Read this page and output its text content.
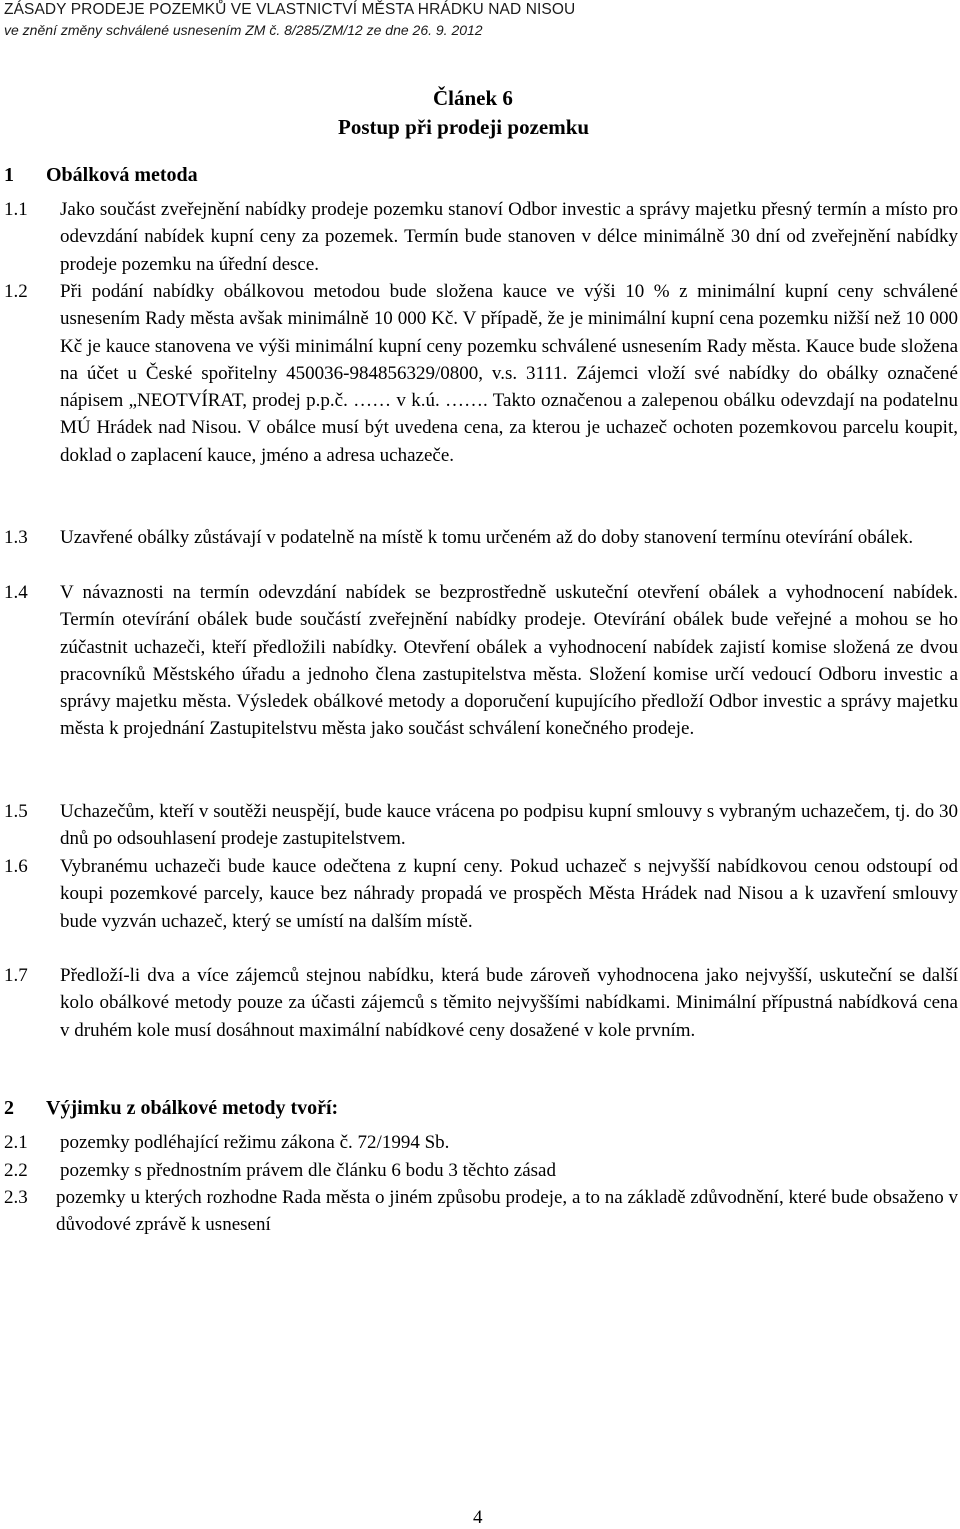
ZÁSADY PRODEJE POZEMKŮ VE VLASTNICTVÍ MĚSTA HRÁDKU NAD NISOU
ve znění změny schválené usnesením ZM č. 8/285/ZM/12 ze dne 26. 9. 2012
Článek 6
Postup při prodeji pozemku
1 Obálková metoda
1.1 Jako součást zveřejnění nabídky prodeje pozemku stanoví Odbor investic a správy majetku přesný termín a místo pro odevzdání nabídek kupní ceny za pozemek. Termín bude stanoven v délce minimálně 30 dní od zveřejnění nabídky prodeje pozemku na úřední desce.
1.2 Při podání nabídky obálkovou metodou bude složena kauce ve výši 10 % z minimální kupní ceny schválené usnesením Rady města avšak minimálně 10 000 Kč. V případě, že je minimální kupní cena pozemku nižší než 10 000 Kč je kauce stanovena ve výši minimální kupní ceny pozemku schválené usnesením Rady města. Kauce bude složena na účet u České spořitelny 450036-984856329/0800, v.s. 3111. Zájemci vloží své nabídky do obálky označené nápisem „NEOTVÍRAT, prodej p.p.č. …… v k.ú. ……. Takto označenou a zalepenou obálku odevzdají na podatelnu MÚ Hrádek nad Nisou. V obálce musí být uvedena cena, za kterou je uchazeč ochoten pozemkovou parcelu koupit, doklad o zaplacení kauce, jméno a adresa uchazeče.
1.3 Uzavřené obálky zůstávají v podatelně na místě k tomu určeném až do doby stanovení termínu otevírání obálek.
1.4 V návaznosti na termín odevzdání nabídek se bezprostředně uskuteční otevření obálek a vyhodnocení nabídek. Termín otevírání obálek bude součástí zveřejnění nabídky prodeje. Otevírání obálek bude veřejné a mohou se ho zúčastnit uchazeči, kteří předložili nabídky. Otevření obálek a vyhodnocení nabídek zajistí komise složená ze dvou pracovníků Městského úřadu a jednoho člena zastupitelstva města. Složení komise určí vedoucí Odboru investic a správy majetku města. Výsledek obálkové metody a doporučení kupujícího předloží Odbor investic a správy majetku města k projednání Zastupitelstvu města jako součást schválení konečného prodeje.
1.5 Uchazečům, kteří v soutěži neuspějí, bude kauce vrácena po podpisu kupní smlouvy s vybraným uchazečem, tj. do 30 dnů po odsouhlasení prodeje zastupitelstvem.
1.6 Vybranému uchazeči bude kauce odečtena z kupní ceny. Pokud uchazeč s nejvyšší nabídkovou cenou odstoupí od koupi pozemkové parcely, kauce bez náhrady propadá ve prospěch Města Hrádek nad Nisou a k uzavření smlouvy bude vyzván uchazeč, který se umístí na dalším místě.
1.7 Předloží-li dva a více zájemců stejnou nabídku, která bude zároveň vyhodnocena jako nejvyšší, uskuteční se další kolo obálkové metody pouze za účasti zájemců s těmito nejvyššími nabídkami. Minimální přípustná nabídková cena v druhém kole musí dosáhnout maximální nabídkové ceny dosažené v kole prvním.
2 Výjimku z obálkové metody tvoří:
2.1 pozemky podléhající režimu zákona č. 72/1994 Sb.
2.2 pozemky s přednostním právem dle článku 6 bodu 3 těchto zásad
2.3 pozemky u kterých rozhodne Rada města o jiném způsobu prodeje, a to na základě zdůvodnění, které bude obsaženo v důvodové zprávě k usnesení
4
